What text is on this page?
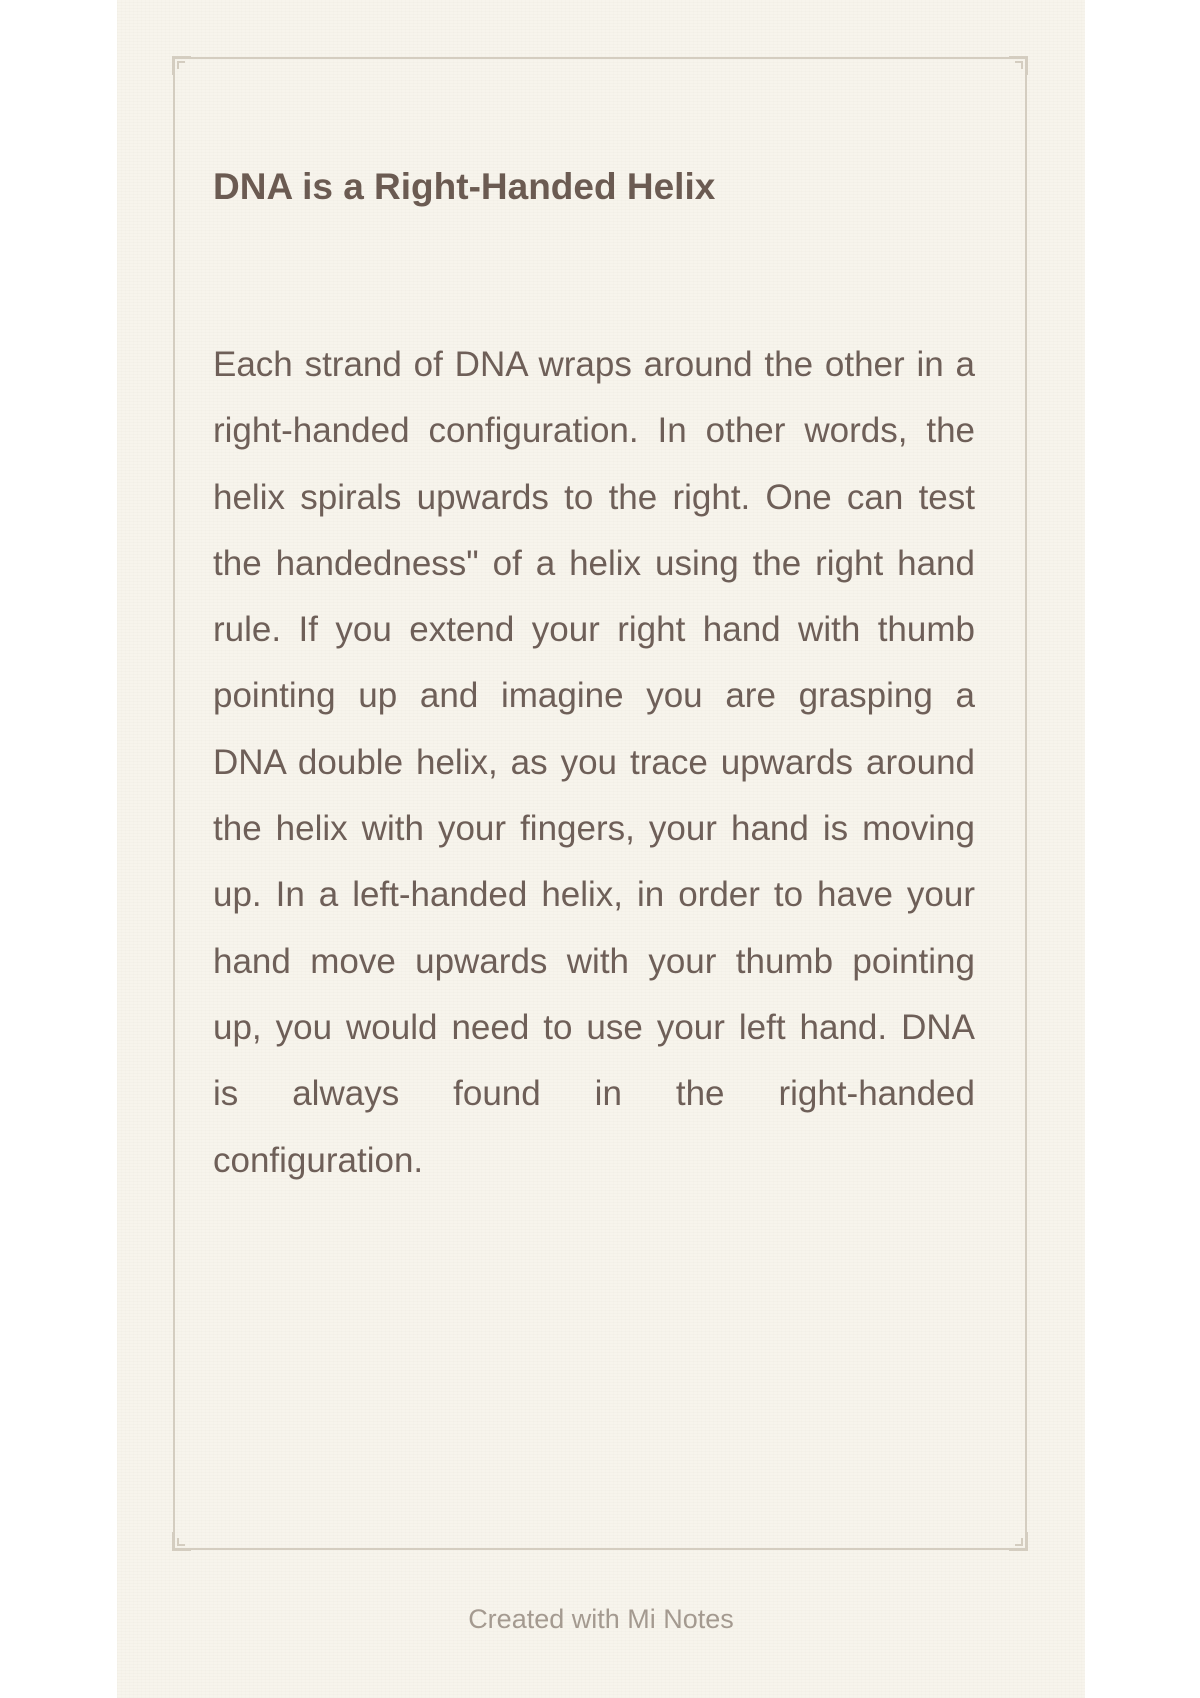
DNA is a Right-Handed Helix

Each strand of DNA wraps around the other in a right-handed configuration. In other words, the helix spirals upwards to the right. One can test the handedness" of a helix using the right hand rule. If you extend your right hand with thumb pointing up and imagine you are grasping a DNA double helix, as you trace upwards around the helix with your fingers, your hand is moving up. In a left-handed helix, in order to have your hand move upwards with your thumb pointing up, you would need to use your left hand. DNA is always found in the right-handed configuration.

Created with Mi Notes
